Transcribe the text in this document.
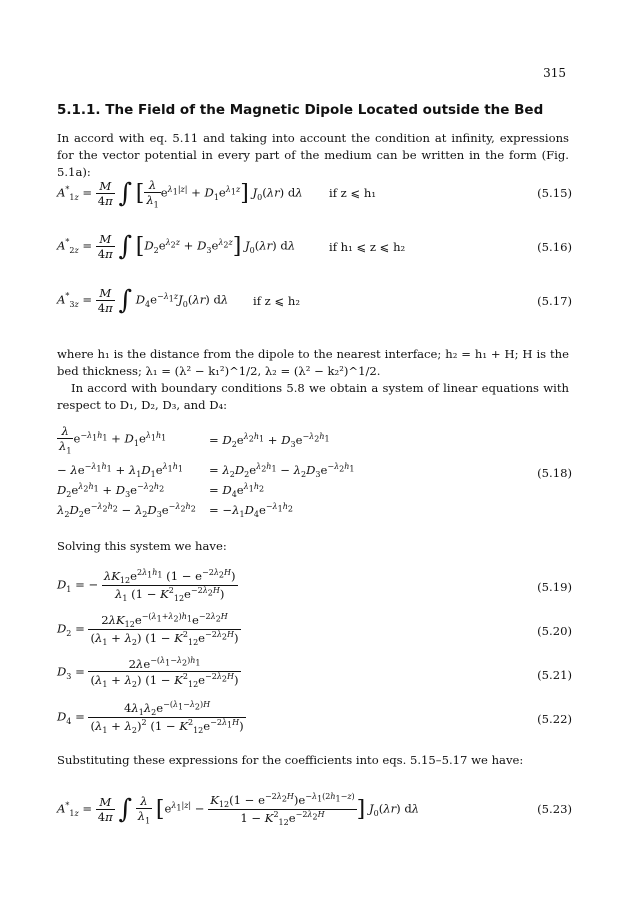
315
5.1.1. The Field of the Magnetic Dipole Located outside the Bed
In accord with eq. 5.11 and taking into account the condition at infinity, expressions for the vector potential in every part of the medium can be written in the form (Fig. 5.1a):
$A^*_{1z} = \frac{M}{4\pi}$ ∫ [ $\frac{\lambda}{\lambda_1} e^{\lambda_1|z|} + D_1e^{\lambda_1z}$] $J_0(\lambda r)$ dλ if z ⩽ h₁	(5.15)
$A^*_{2z} = \frac{M}{4\pi}$ ∫ $[D_2e^{\lambda_2z} + D_3e^{\lambda_2z}]$ $J_0(\lambda r)$ dλ	if h₁ ⩽ z ⩽ h₂	(5.16)
$A^*_{3z} = \frac{M}{4\pi}$ ∫ $D_4e^{-\lambda_1z}J_0(\lambda r)$ dλ if z ⩽ h₂	(5.17)
where h₁ is the distance from the dipole to the nearest interface; h₂ = h₁ + H; H is the bed thickness; λ₁ = (λ² − k₁²)^1/2, λ₂ = (λ² − k₂²)^1/2.
In accord with boundary conditions 5.8 we obtain a system of linear equations with respect to D₁, D₂, D₃, and D₄:
$\frac{\lambda}{\lambda_1} e^{-\lambda_1h_1} + D_1e^{\lambda_1h_1}$	= $D_2e^{\lambda_2h_1} + D_3e^{-\lambda_2h_1}$
− $\lambda e^{-\lambda_1h_1} + \lambda_1D_1e^{\lambda_1h_1} = \lambda_2D_2e^{\lambda_2h_1} - \lambda_2D_3e^{-\lambda_2h_1}$
$D_2e^{\lambda_2h_1} + D_3e^{-\lambda_2h_2}$	= $D_4e^{\lambda_1h_2}$
$\lambda_2D_2e^{-\lambda_2h_2} - \lambda_2D_3e^{-\lambda_2h_2} = -\lambda_1D_4e^{-\lambda_1h_2}$
(5.18)
Solving this system we have:
$D_1$ = − $\frac{\lambda K_{12}e^{2\lambda_1h_1} (1 - e^{-2\lambda_2H})}{\lambda_1 (1 - K^2_{12}e^{-2\lambda_2H})}$	(5.19)
$D_2 = \frac{2\lambda K_{12}e^{-(\lambda_1+\lambda_2)h_1}e^{-2\lambda_2H}}{(\lambda_1 + \lambda_2) (1 - K^2_{12}e^{-2\lambda_2H})}$	(5.20)
$D_3 = \frac{2\lambda e^{-(\lambda_1-\lambda_2)h_1}}{(\lambda_1 + \lambda_2) (1 - K^2_{12}e^{-2\lambda_2H})}$	(5.21)
$D_4 = \frac{4\lambda_1\lambda_2e^{-(\lambda_1-\lambda_2)H}}{(\lambda_1 + \lambda_2)^2 (1 - K^2_{12}e^{-2\lambda_1H})}$	(5.22)
Substituting these expressions for the coefficients into eqs. 5.15–5.17 we have:
$A^*_{1z} = \frac{M}{4\pi}$ ∫ $\frac{\lambda}{\lambda_1} [e^{\lambda_1|z|} - \frac{K_{12}(1 - e^{-2\lambda_2H})e^{-\lambda_1(2h_1-z)}}{1 - K^2_{12}e^{-2\lambda_2H}}$ ] $J_0(\lambda r)$ dλ	(5.23)
